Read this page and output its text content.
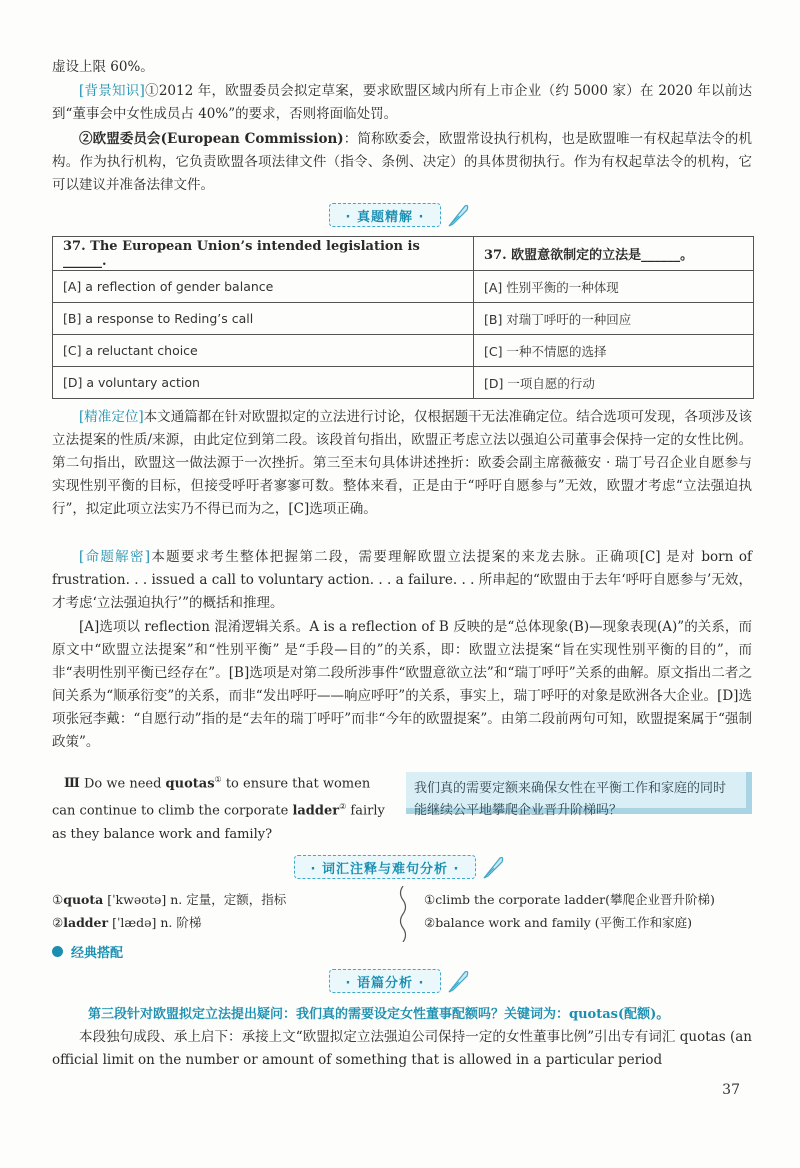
虚设上限 60%。

[背景知识]①2012 年，欧盟委员会拟定草案，要求欧盟区域内所有上市企业（约 5000 家）在 2020 年以前达到“董事会中女性成员占 40%”的要求，否则将面临处罚。

②欧盟委员会(European Commission)：简称欧委会，欧盟常设执行机构，也是欧盟唯一有权起草法令的机构。作为执行机构，它负责欧盟各项法律文件（指令、条例、决定）的具体贯彻执行。作为有权起草法令的机构，它可以建议并准备法律文件。

· 真题精解 ·
37. The European Union’s intended legislation is ______.	37. 欧盟意欲制定的立法是______。
[A] a reflection of gender balance	[A] 性别平衡的一种体现
[B] a response to Reding’s call	[B] 对瑞丁呼吁的一种回应
[C] a reluctant choice	[C] 一种不情愿的选择
[D] a voluntary action	[D] 一项自愿的行动

[精准定位]本文通篇都在针对欧盟拟定的立法进行讨论，仅根据题干无法准确定位。结合选项可发现，各项涉及该立法提案的性质/来源，由此定位到第二段。该段首句指出，欧盟正考虑立法以强迫公司董事会保持一定的女性比例。第二句指出，欧盟这一做法源于一次挫折。第三至末句具体讲述挫折：欧委会副主席薇薇安 · 瑞丁号召企业自愿参与实现性别平衡的目标，但接受呼吁者寥寥可数。整体来看，正是由于“呼吁自愿参与”无效，欧盟才考虑“立法强迫执行”，拟定此项立法实乃不得已而为之，[C]选项正确。

[命题解密]本题要求考生整体把握第二段，需要理解欧盟立法提案的来龙去脉。正确项[C] 是对 born of frustration. . . issued a call to voluntary action. . . a failure. . . 所串起的“欧盟由于去年‘呼吁自愿参与’无效，才考虑‘立法强迫执行’”的概括和推理。

[A]选项以 reflection 混淆逻辑关系。A is a reflection of B 反映的是“总体现象(B)—现象表现(A)”的关系，而原文中“欧盟立法提案”和“性别平衡” 是“手段—目的”的关系，即：欧盟立法提案“旨在实现性别平衡的目的”，而非“表明性别平衡已经存在”。[B]选项是对第二段所涉事件“欧盟意欲立法”和“瑞丁呼吁”关系的曲解。原文指出二者之间关系为“顺承衍变”的关系，而非“发出呼吁——响应呼吁”的关系，事实上，瑞丁呼吁的对象是欧洲各大企业。[D]选项张冠李戴：“自愿行动”指的是“去年的瑞丁呼吁”而非“今年的欧盟提案”。由第二段前两句可知，欧盟提案属于“强制政策”。

Ⅲ Do we need quotas① to ensure that women can continue to climb the corporate ladder② fairly as they balance work and family?

我们真的需要定额来确保女性在平衡工作和家庭的同时能继续公平地攀爬企业晋升阶梯吗？
· 词汇注释与难句分析 ·

①quota [ˈkwəʊtə] n. 定量，定额，指标

②ladder [ˈlædə] n. 阶梯

①climb the corporate ladder(攀爬企业晋升阶梯)

②balance work and family (平衡工作和家庭)

经典搭配
· 语篇分析 ·

第三段针对欧盟拟定立法提出疑问：我们真的需要设定女性董事配额吗？关键词为：quotas(配额)。

本段独句成段、承上启下：承接上文“欧盟拟定立法强迫公司保持一定的女性董事比例”引出专有词汇 quotas (an official limit on the number or amount of something that is allowed in a particular period

37
